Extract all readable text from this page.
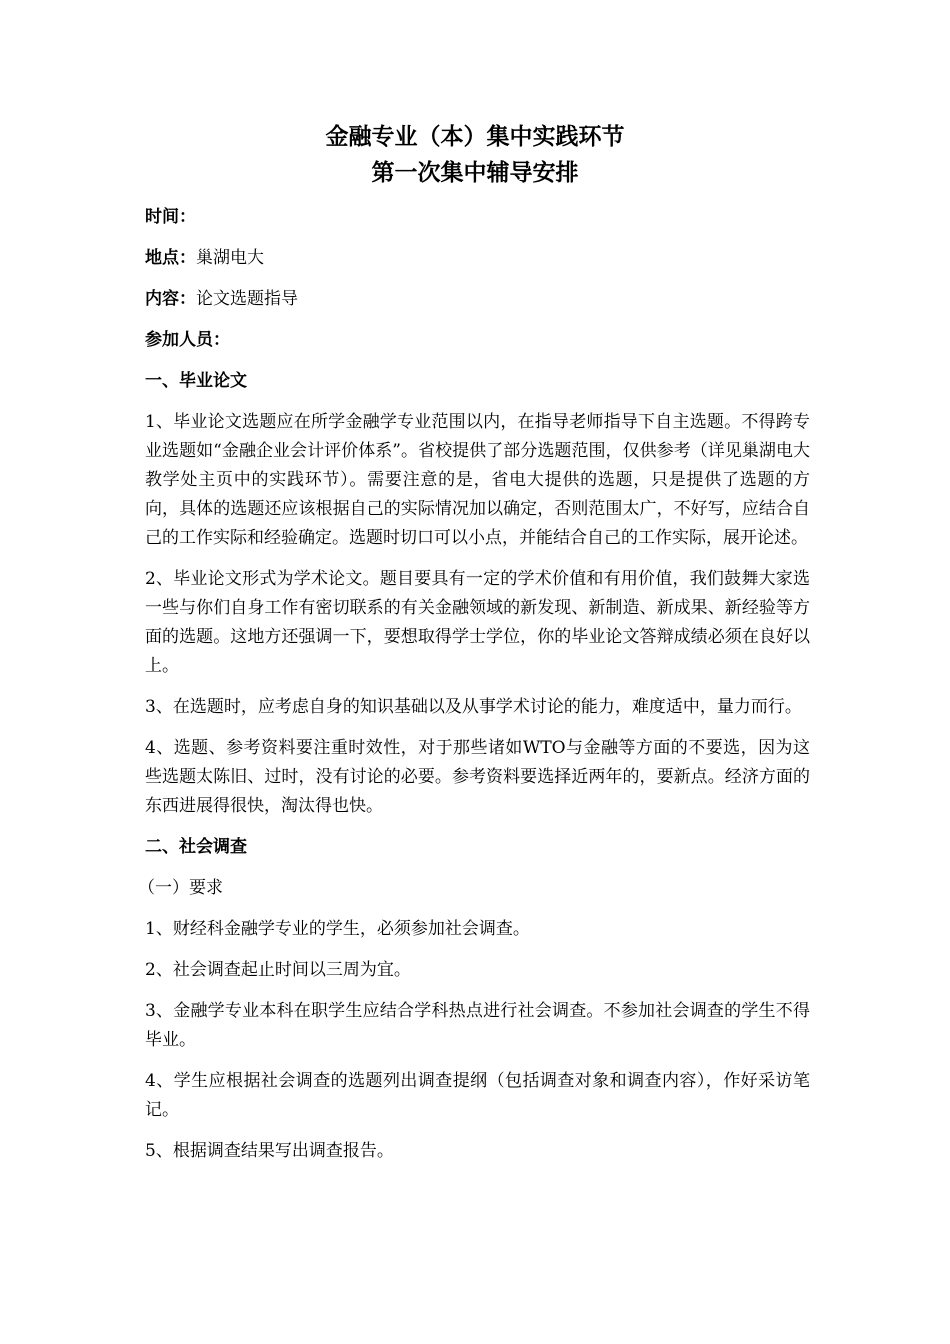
金融专业（本）集中实践环节
第一次集中辅导安排
时间：
地点：巢湖电大
内容：论文选题指导
参加人员：
一、毕业论文
1、毕业论文选题应在所学金融学专业范围以内，在指导老师指导下自主选题。不得跨专业选题如“金融企业会计评价体系”。省校提供了部分选题范围，仅供参考（详见巢湖电大教学处主页中的实践环节）。需要注意的是，省电大提供的选题，只是提供了选题的方向，具体的选题还应该根据自己的实际情况加以确定，否则范围太广，不好写，应结合自己的工作实际和经验确定。选题时切口可以小点，并能结合自己的工作实际，展开论述。
2、毕业论文形式为学术论文。题目要具有一定的学术价值和有用价值，我们鼓舞大家选一些与你们自身工作有密切联系的有关金融领域的新发现、新制造、新成果、新经验等方面的选题。这地方还强调一下，要想取得学士学位，你的毕业论文答辩成绩必须在良好以上。
3、在选题时，应考虑自身的知识基础以及从事学术讨论的能力，难度适中，量力而行。
4、选题、参考资料要注重时效性，对于那些诸如WTO与金融等方面的不要选，因为这些选题太陈旧、过时，没有讨论的必要。参考资料要选择近两年的，要新点。经济方面的东西进展得很快，淘汰得也快。
二、社会调查
（一）要求
1、财经科金融学专业的学生，必须参加社会调查。
2、社会调查起止时间以三周为宜。
3、金融学专业本科在职学生应结合学科热点进行社会调查。不参加社会调查的学生不得毕业。
4、学生应根据社会调查的选题列出调查提纲（包括调查对象和调查内容），作好采访笔记。
5、根据调查结果写出调查报告。
